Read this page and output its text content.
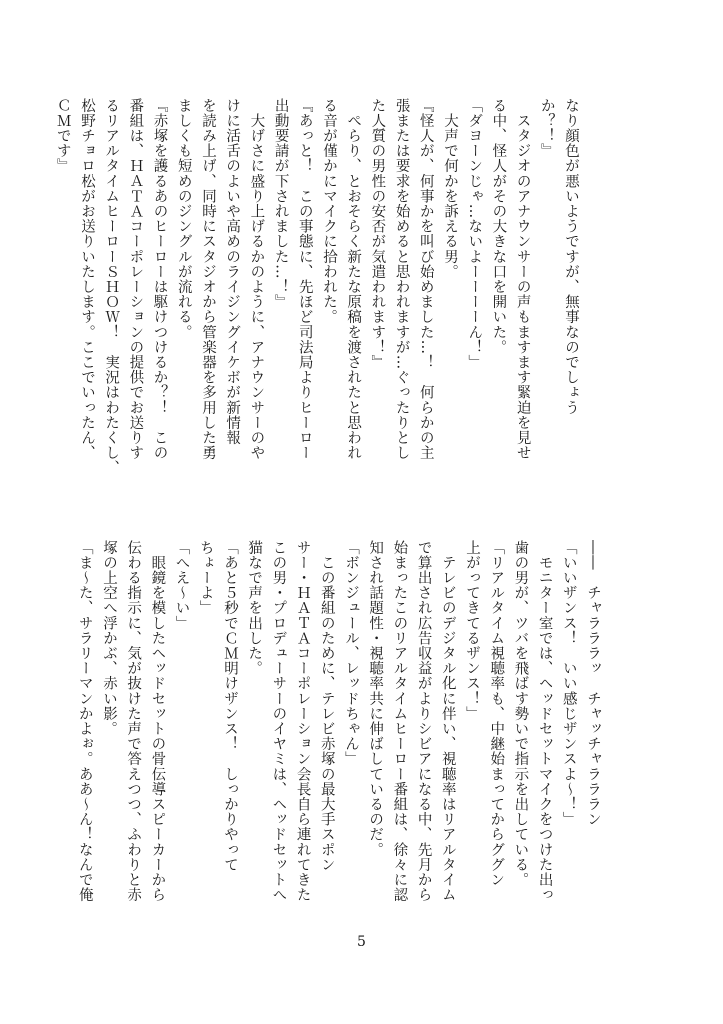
なり顔色が悪いようですが、無事なのでしょう
か？！』
　スタジオのアナウンサーの声もますます緊迫を見せ
る中、怪人がその大きな口を開いた。
「ダヨーンじゃ…ないよーーーーん！」
　大声で何かを訴える男。
『怪人が、何事かを叫び始めました…！　何らかの主
張または要求を始めると思われますが…ぐったりとし
た人質の男性の安否が気遣われます！』
　ぺらり、とおそらく新たな原稿を渡されたと思われ
る音が僅かにマイクに拾われた。
『あっと！　この事態に、先ほど司法局よりヒーロー
出動要請が下されました…！』
　大げさに盛り上げるかのように、アナウンサーのや
けに活舌のよいや高めのライジングイケボが新情報
を読み上げ、同時にスタジオから管楽器を多用した勇
ましくも短めのジングルが流れる。
『赤塚を護るあのヒーローは駆けつけるか？！　この
番組は、ＨＡＴＡコーポレーションの提供でお送りす
るリアルタイムヒーローＳＨＯＷ！　実況はわたくし、
松野チョロ松がお送りいたします。ここでいったん、
ＣＭです』
――　チャラララッ　チャッチャラララン
「いいザンス！　いい感じザンスよ〜！」
　モニター室では、ヘッドセットマイクをつけた出っ
歯の男が、ツバを飛ばす勢いで指示を出している。
「リアルタイム視聴率も、中継始まってからググン
上がってきてるザンス！」
　テレビのデジタル化に伴い、視聴率はリアルタイム
で算出され広告収益がよりシビアになる中、先月から
始まったこのリアルタイムヒーロー番組は、徐々に認
知され話題性・視聴率共に伸ばしているのだ。
「ボンジュール、レッドちゃん」
　この番組のために、テレビ赤塚の最大手スポン
サー・ＨＡＴＡコーポレーション会長自ら連れてきた
この男・プロデューサーのイヤミは、ヘッドセットへ
猫なで声を出した。
「あと５秒でＣＭ明けザンス！　しっかりやって
ちょーよ」
「へえ〜い」
　眼鏡を模したヘッドセットの骨伝導スピーカーから
伝わる指示に、気が抜けた声で答えつつ、ふわりと赤
塚の上空へ浮かぶ、赤い影。
「ま〜た、サラリーマンかよぉ。ああ〜ん！なんで俺
5
